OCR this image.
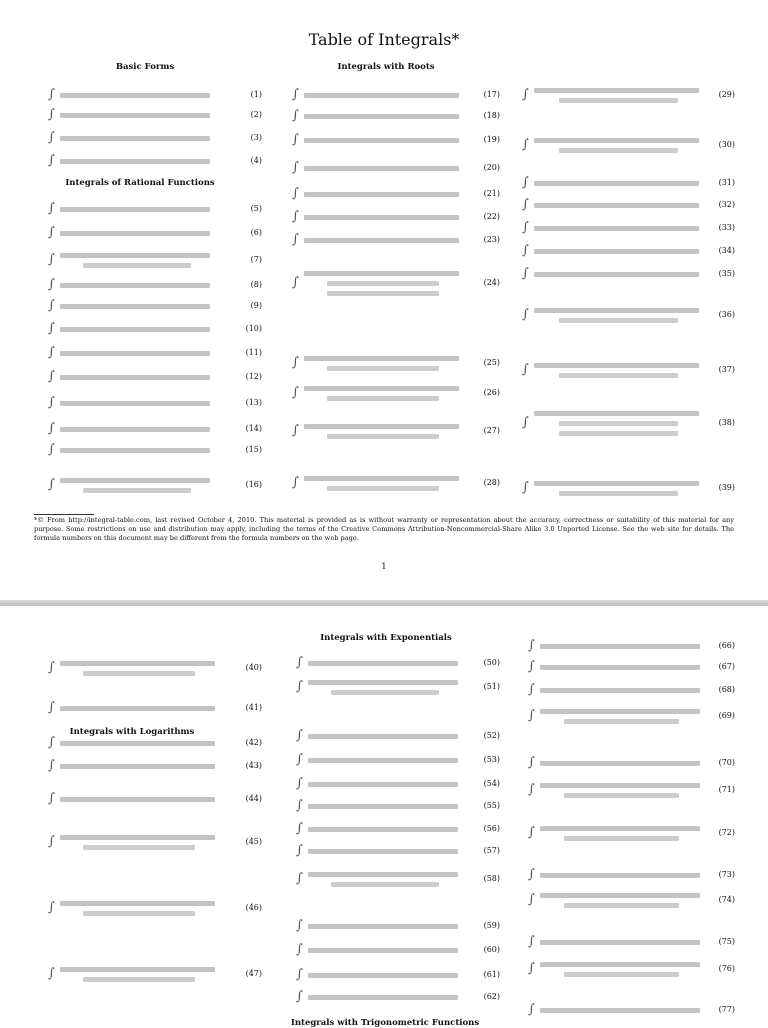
Table of Integrals*
Basic Forms
Integrals of Rational Functions
Integrals with Roots
∫	(1)
∫	(2)
∫	(3)
∫	(4)
∫	(5)
∫	(6)
∫	(7)
∫	(8)
∫	(9)
∫	(10)
∫	(11)
∫	(12)
∫	(13)
∫	(14)
∫	(15)
∫	(16)
∫	(17)
∫	(18)
∫	(19)
∫	(20)
∫	(21)
∫	(22)
∫	(23)
∫	(24)
∫	(25)
∫	(26)
∫	(27)
∫	(28)
∫	(29)
∫	(30)
∫	(31)
∫	(32)
∫	(33)
∫	(34)
∫	(35)
∫	(36)
∫	(37)
∫	(38)
∫	(39)

*© From http://integral-table.com, last revised October 4, 2010. This material is provided as is without warranty or representation about the accuracy, correctness or suitability of this material for any purpose. Some restrictions on use and distribution may apply, including the terms of the Creative Commons Attribution-Noncommercial-Share Alike 3.0 Unported License. See the web site for details. The formula numbers on this document may be different from the formula numbers on the web page.

1
Integrals with Logarithms
Integrals with Exponentials
Integrals with Trigonometric Functions
∫	(40)
∫	(41)
∫	(42)
∫	(43)
∫	(44)
∫	(45)
∫	(46)
∫	(47)
∫	(50)
∫	(51)
∫	(52)
∫	(53)
∫	(54)
∫	(55)
∫	(56)
∫	(57)
∫	(58)
∫	(59)
∫	(60)
∫	(61)
∫	(62)
∫	(66)
∫	(67)
∫	(68)
∫	(69)
∫	(70)
∫	(71)
∫	(72)
∫	(73)
∫	(74)
∫	(75)
∫	(76)
∫	(77)
